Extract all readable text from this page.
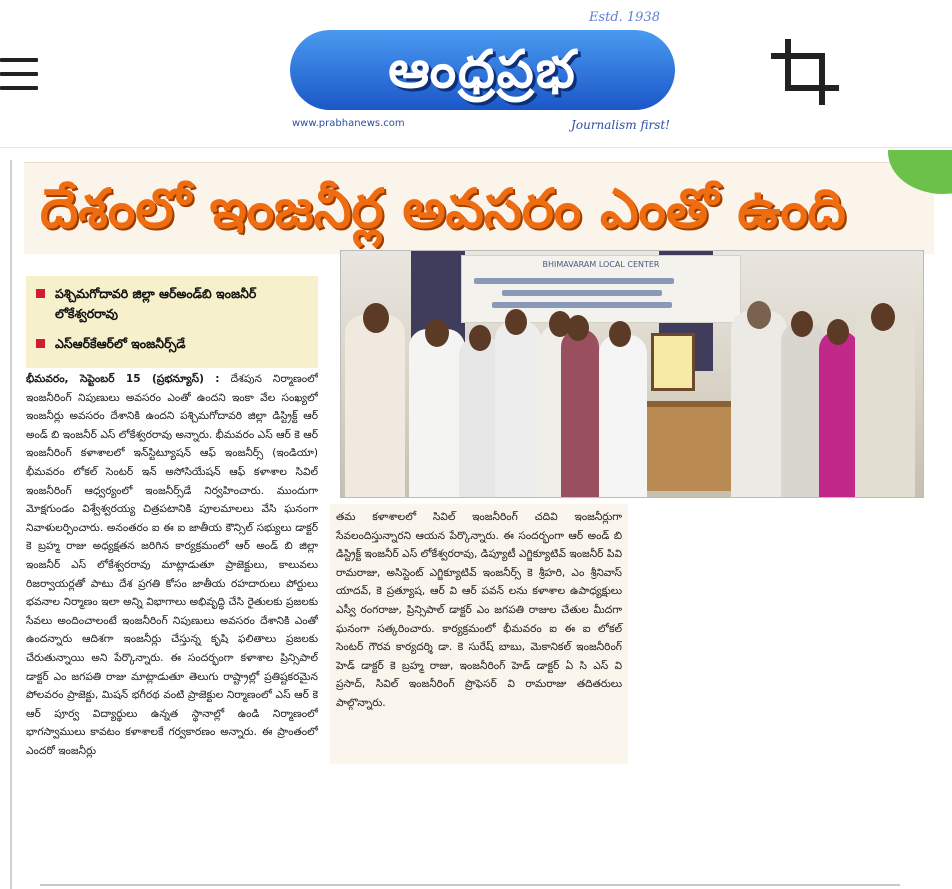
Estd. 1938
ఆంధ్రప్రభ
www.prabhanews.com	Journalism first!
దేశంలో ఇంజనీర్ల అవసరం ఎంతో ఉంది
పశ్చిమగోదావరి జిల్లా ఆర్అండ్‌బి ఇంజనీర్ లోకేశ్వరరావు
ఎస్ఆర్‌కేఆర్‌లో ఇంజనీర్స్‌డే
భీమవరం, సెప్టెంబర్ 15 (ప్రభన్యూస్) : దేశపున నిర్మాణంలో ఇంజనీరింగ్ నిపుణులు అవసరం ఎంతో ఉందని ఇంకా వేల సంఖ్యలో ఇంజనీర్లు అవసరం దేశానికి ఉందని పశ్చిమగోదావరి జిల్లా డిస్ట్రిక్ట్ ఆర్ అండ్ బి ఇంజనీర్ ఎస్ లోకేశ్వరరావు అన్నారు. భీమవరం ఎస్ ఆర్ కె ఆర్ ఇంజనీరింగ్ కళాశాలలో ఇన్‌స్టిట్యూషన్ ఆఫ్ ఇంజనీర్స్ (ఇండియా) భీమవరం లోకల్ సెంటర్ ఇన్ అసోసియేషన్ ఆఫ్ కళాశాల సివిల్ ఇంజనీరింగ్ ఆధ్వర్యంలో ఇంజనీర్స్‌డే నిర్వహించారు. ముందుగా మోక్షగుండం విశ్వేశ్వరయ్య చిత్రపటానికి పూలమాలలు వేసి ఘనంగా నివాళులర్పించారు. అనంతరం ఐ ఈ ఐ జాతీయ కౌన్సిల్ సభ్యులు డాక్టర్ కె బ్రహ్మ రాజు అధ్యక్షతన జరిగిన కార్యక్రమంలో ఆర్ అండ్ బి జిల్లా ఇంజనీర్ ఎస్ లోకేశ్వరరావు మాట్లాడుతూ ప్రాజెక్టులు, కాలువలు రిజర్వాయర్లతో పాటు దేశ ప్రగతి కోసం జాతీయ రహదారులు పోర్టులు భవనాల నిర్మాణం ఇలా అన్ని విభాగాలు అభివృద్ధి చేసి రైతులకు ప్రజలకు సేవలు అందించాలంటే ఇంజనీరింగ్ నిపుణులు అవసరం దేశానికి ఎంతో ఉందన్నారు ఆదిశగా ఇంజనీర్లు చేస్తున్న కృషి ఫలితాలు ప్రజలకు చేరుతున్నాయి అని పేర్కొన్నారు. ఈ సందర్భంగా కళాశాల ప్రిన్సిపాల్ డాక్టర్ ఎం జగపతి రాజు మాట్లాడుతూ తెలుగు రాష్ట్రాల్లో ప్రతిష్టకరమైన పోలవరం ప్రాజెక్టు, మిషన్ భగీరథ వంటి ప్రాజెక్టుల నిర్మాణంలో ఎస్ ఆర్ కె ఆర్ పూర్వ విద్యార్థులు ఉన్నత స్థానాల్లో ఉండి నిర్మాణంలో భాగస్వాములు కావటం కళాశాలకే గర్వకారణం అన్నారు. ఈ ప్రాంతంలో ఎందరో ఇంజనీర్లు
BHIMAVARAM LOCAL CENTER
తమ కళాశాలలో సివిల్ ఇంజనీరింగ్ చదివి ఇంజనీర్లుగా సేవలందిస్తున్నారని ఆయన పేర్కొన్నారు. ఈ సందర్భంగా ఆర్ అండ్ బి డిస్ట్రిక్ట్ ఇంజనీర్ ఎస్ లోకేశ్వరరావు, డిప్యూటీ ఎగ్జిక్యూటివ్ ఇంజనీర్ పివి రామరాజు, అసిస్టెంట్ ఎగ్జిక్యూటివ్ ఇంజనీర్స్ కె శ్రీహరి, ఎం శ్రీనివాస్ యాదవ్, కె ప్రత్యూష, ఆర్ వి ఆర్ పవన్ లను కళాశాల ఉపాధ్యక్షులు ఎస్వీ రంగరాజు, ప్రిన్సిపాల్ డాక్టర్ ఎం జగపతి రాజుల చేతుల మీదగా ఘనంగా సత్కరించారు. కార్యక్రమంలో భీమవరం ఐ ఈ ఐ లోకల్ సెంటర్ గౌరవ కార్యదర్శి డా. కె సురేష్ బాబు, మెకానికల్ ఇంజనీరింగ్ హెడ్ డాక్టర్ కె బ్రహ్మ రాజు, ఇంజనీరింగ్ హెడ్ డాక్టర్ ఏ సి ఎస్ వి ప్రసాద్, సివిల్ ఇంజనీరింగ్ ప్రొఫెసర్ వి రామరాజు తదితరులు పాల్గొన్నారు.
